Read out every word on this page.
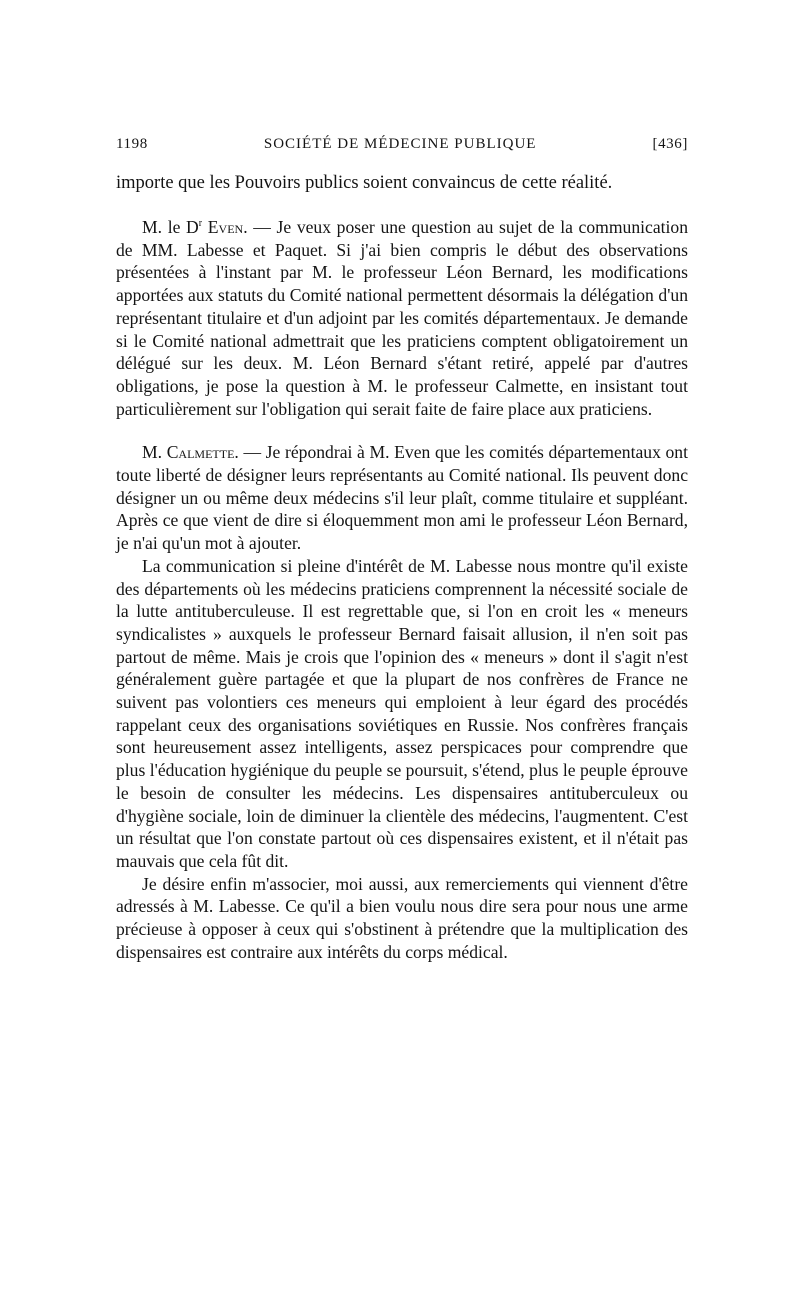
1198	SOCIÉTÉ DE MÉDECINE PUBLIQUE	[436]

importe que les Pouvoirs publics soient convaincus de cette réalité.

M. le $D^r$ Even. — Je veux poser une question au sujet de la communication de MM. Labesse et Paquet. Si j'ai bien compris le début des observations présentées à l'instant par M. le professeur Léon Bernard, les modifications apportées aux statuts du Comité national permettent désormais la délégation d'un représentant titulaire et d'un adjoint par les comités départementaux. Je demande si le Comité national admettrait que les praticiens comptent obligatoirement un délégué sur les deux. M. Léon Bernard s'étant retiré, appelé par d'autres obligations, je pose la question à M. le professeur Calmette, en insistant tout particulièrement sur l'obligation qui serait faite de faire place aux praticiens.

M. Calmette. — Je répondrai à M. Even que les comités départementaux ont toute liberté de désigner leurs représentants au Comité national. Ils peuvent donc désigner un ou même deux médecins s'il leur plaît, comme titulaire et suppléant. Après ce que vient de dire si éloquemment mon ami le professeur Léon Bernard, je n'ai qu'un mot à ajouter.

La communication si pleine d'intérêt de M. Labesse nous montre qu'il existe des départements où les médecins praticiens comprennent la nécessité sociale de la lutte antituberculeuse. Il est regrettable que, si l'on en croit les « meneurs syndicalistes » auxquels le professeur Bernard faisait allusion, il n'en soit pas partout de même. Mais je crois que l'opinion des « meneurs » dont il s'agit n'est généralement guère partagée et que la plupart de nos confrères de France ne suivent pas volontiers ces meneurs qui emploient à leur égard des procédés rappelant ceux des organisations soviétiques en Russie. Nos confrères français sont heureusement assez intelligents, assez perspicaces pour comprendre que plus l'éducation hygiénique du peuple se poursuit, s'étend, plus le peuple éprouve le besoin de consulter les médecins. Les dispensaires antituberculeux ou d'hygiène sociale, loin de diminuer la clientèle des médecins, l'augmentent. C'est un résultat que l'on constate partout où ces dispensaires existent, et il n'était pas mauvais que cela fût dit.

Je désire enfin m'associer, moi aussi, aux remerciements qui viennent d'être adressés à M. Labesse. Ce qu'il a bien voulu nous dire sera pour nous une arme précieuse à opposer à ceux qui s'obstinent à prétendre que la multiplication des dispensaires est contraire aux intérêts du corps médical.
